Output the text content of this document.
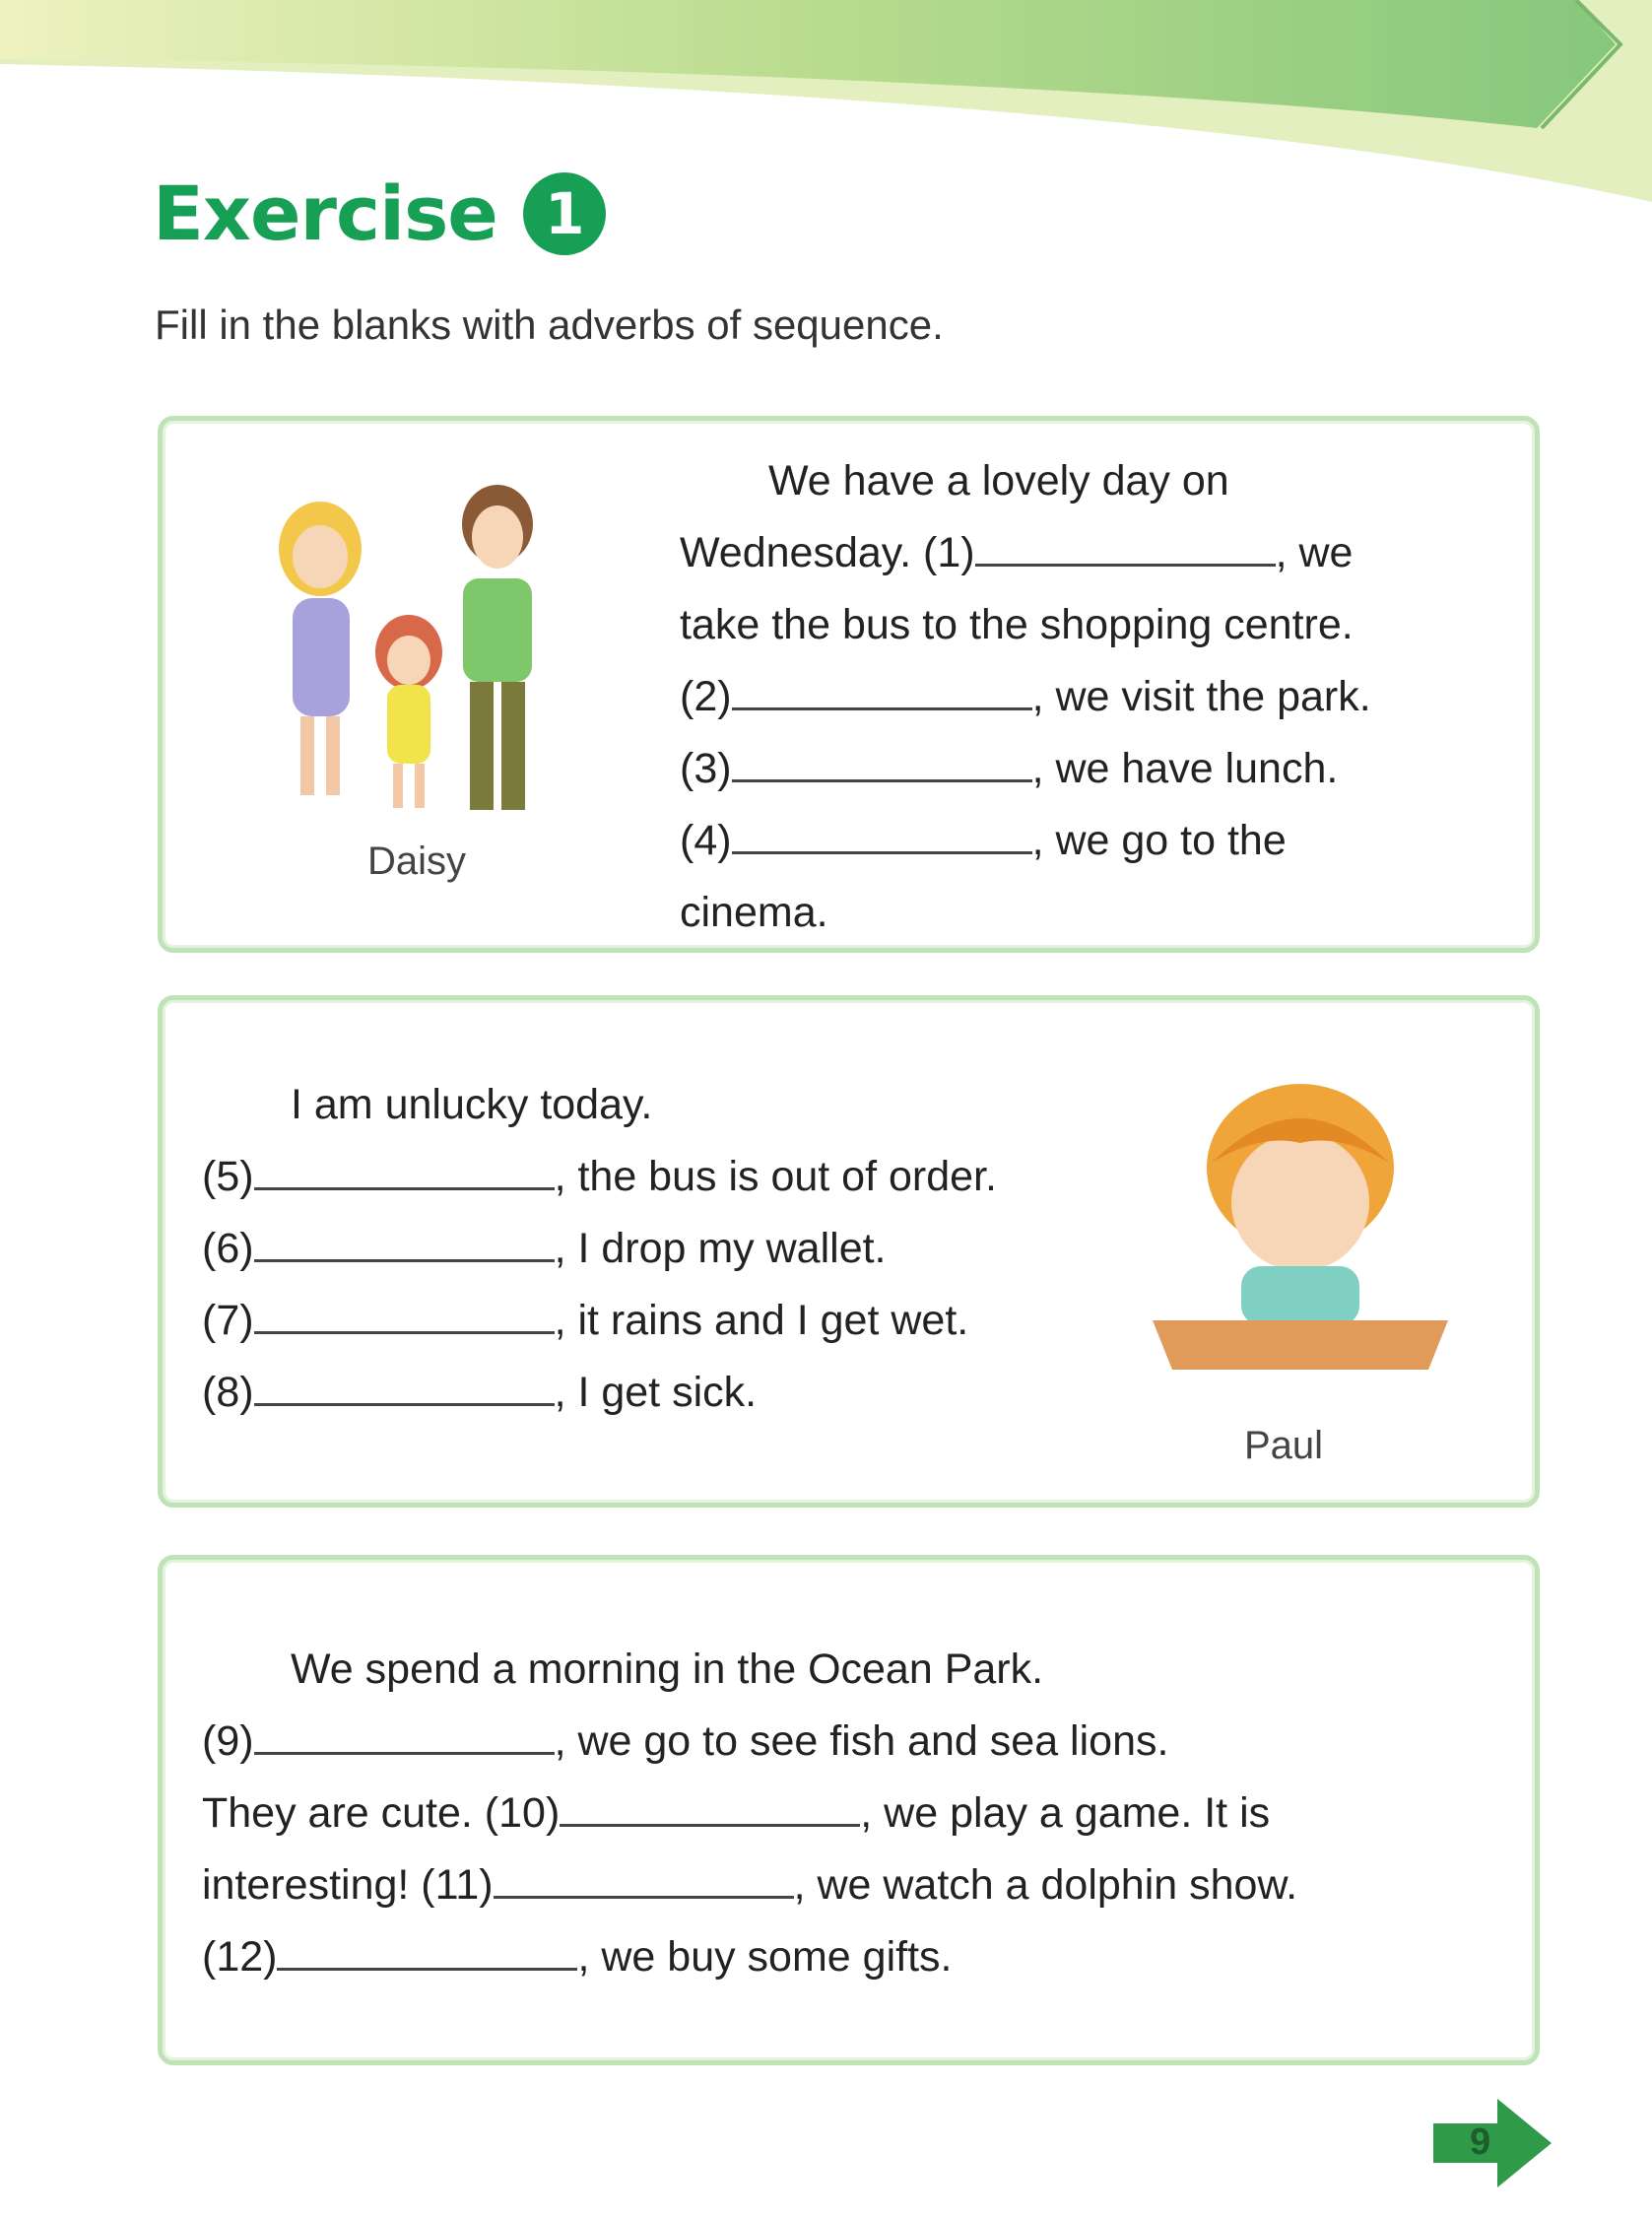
Exercise 1
Fill in the blanks with adverbs of sequence.
Daisy
We have a lovely day on
Wednesday. (1)	, we
take the bus to the shopping centre.
(2)	, we visit the park.
(3)	, we have lunch.
(4)	, we go to the
cinema.
I am unlucky today.
(5)	, the bus is out of order.
(6)	, I drop my wallet.
(7)	, it rains and I get wet.
(8)	, I get sick.
Paul
We spend a morning in the Ocean Park.
(9)	, we go to see fish and sea lions.
They are cute. (10)	, we play a game. It is
interesting! (11)	, we watch a dolphin show.
(12)	, we buy some gifts.
9
